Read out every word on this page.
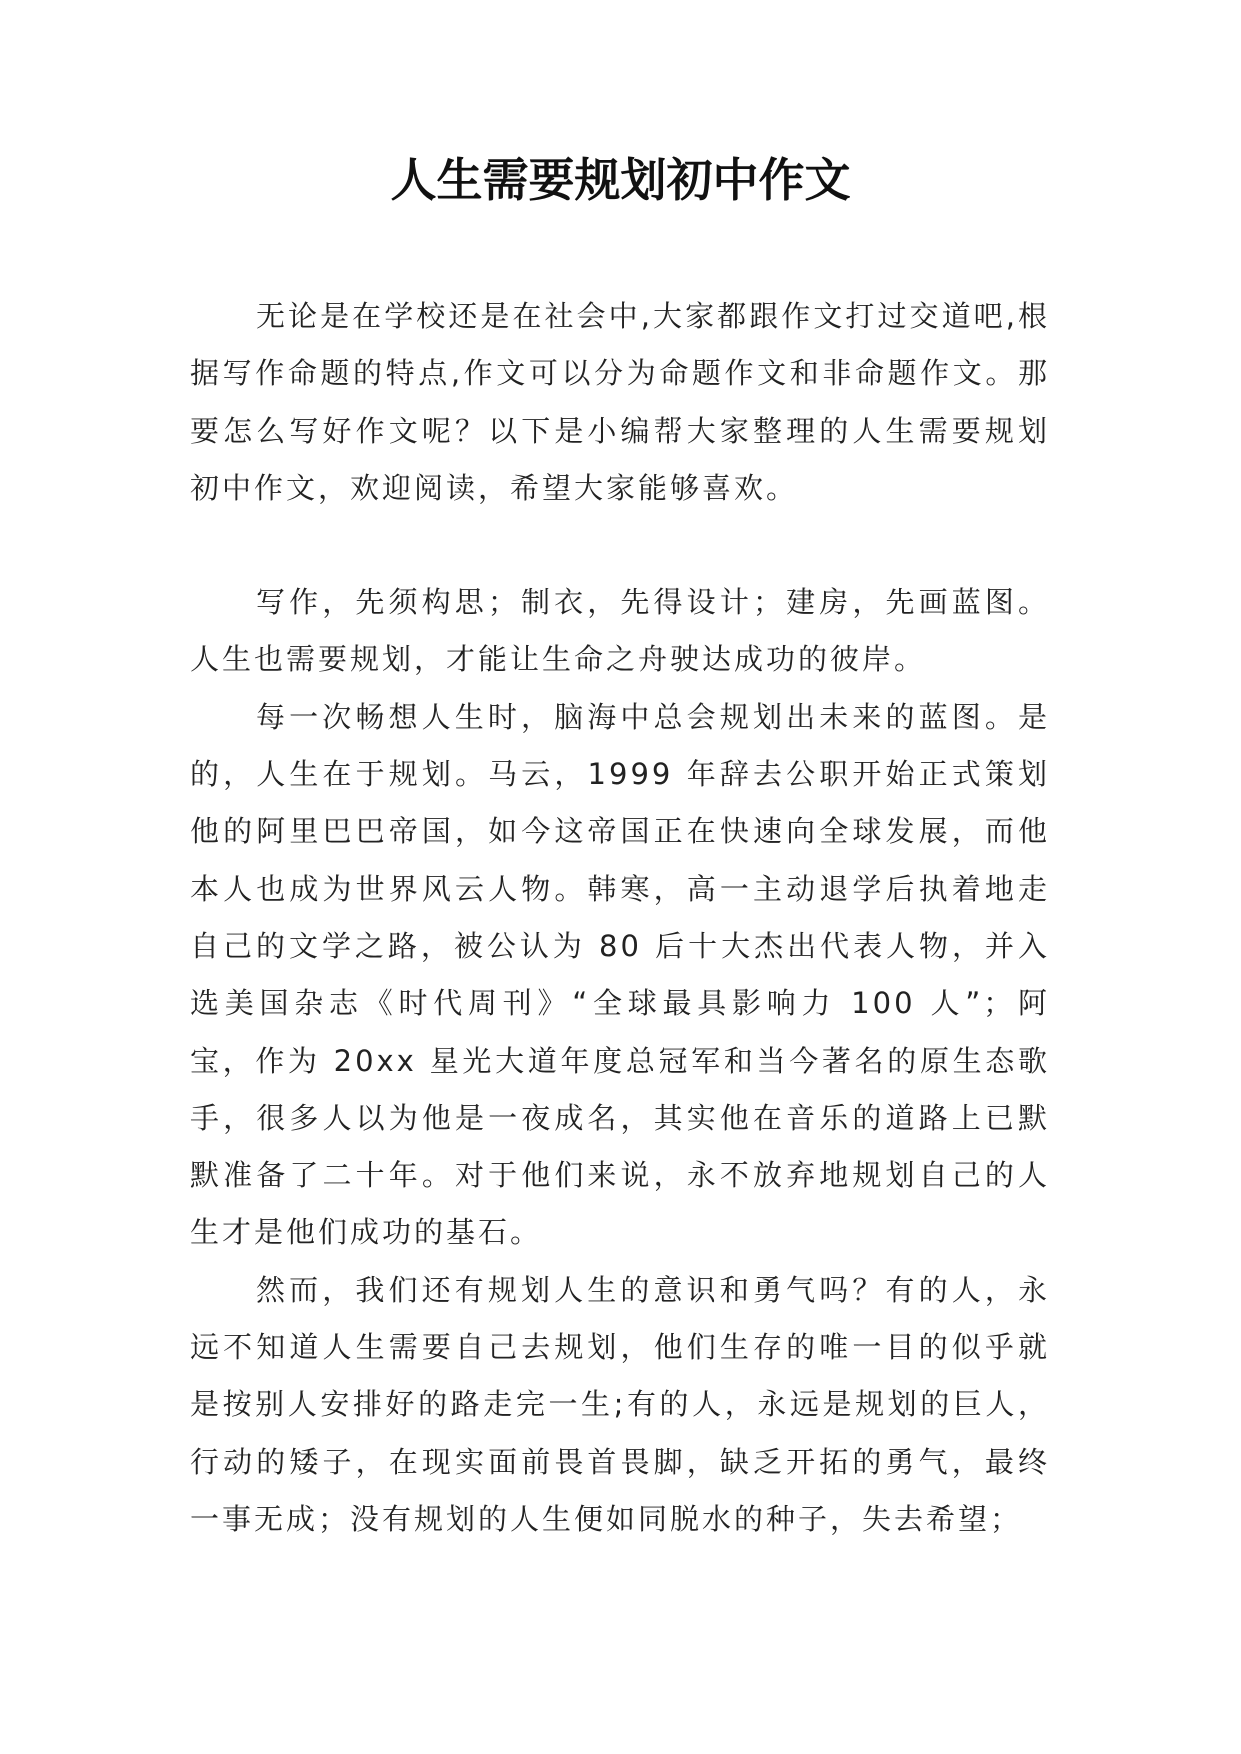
人生需要规划初中作文

无论是在学校还是在社会中,大家都跟作文打过交道吧,根据写作命题的特点,作文可以分为命题作文和非命题作文。那要怎么写好作文呢？以下是小编帮大家整理的人生需要规划初中作文，欢迎阅读，希望大家能够喜欢。

写作，先须构思；制衣，先得设计；建房，先画蓝图。人生也需要规划，才能让生命之舟驶达成功的彼岸。

每一次畅想人生时，脑海中总会规划出未来的蓝图。是的，人生在于规划。马云，1999 年辞去公职开始正式策划他的阿里巴巴帝国，如今这帝国正在快速向全球发展，而他本人也成为世界风云人物。韩寒，高一主动退学后执着地走自己的文学之路，被公认为 80 后十大杰出代表人物，并入选美国杂志《时代周刊》“全球最具影响力 100 人”；阿宝，作为 20xx 星光大道年度总冠军和当今著名的原生态歌手，很多人以为他是一夜成名，其实他在音乐的道路上已默默准备了二十年。对于他们来说，永不放弃地规划自己的人生才是他们成功的基石。

然而，我们还有规划人生的意识和勇气吗？有的人，永远不知道人生需要自己去规划，他们生存的唯一目的似乎就是按别人安排好的路走完一生;有的人，永远是规划的巨人，行动的矮子，在现实面前畏首畏脚，缺乏开拓的勇气，最终一事无成；没有规划的人生便如同脱水的种子，失去希望；
